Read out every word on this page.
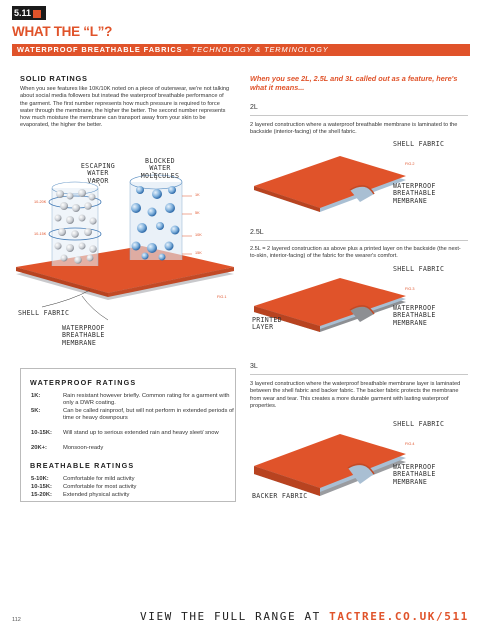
5.11
WHAT THE “L”?
WATERPROOF BREATHABLE FABRICS - TECHNOLOGY & TERMINOLOGY
SOLID RATINGS
When you see features like 10K/10K noted on a piece of outerwear, we're not talking about social media followers but instead the waterproof breathable performance of the garment. The first number represents how much pressure is required to force water through the membrane, the higher the better. The second number represents how much moisture the membrane can transport away from your skin to be evaporated, the higher the better.
ESCAPING
WATER
VAPOR
BLOCKED
WATER
MOLECULES
10-20K
10-15K
1K
5K
10K
15K
FIG.1
SHELL FABRIC
WATERPROOF
BREATHABLE
MEMBRANE
When you see 2L, 2.5L and 3L called out as a feature, here's what it means...
2L
2 layered construction where a waterproof breathable membrane is laminated to the backside (interior-facing) of the shell fabric.
SHELL FABRIC
FIG.2
WATERPROOF
BREATHABLE
MEMBRANE
2.5L
2.5L = 2 layered construction as above plus a printed layer on the backside (the next-to-skin, interior-facing) of the fabric for the wearer's comfort.
SHELL FABRIC
FIG.3
WATERPROOF
BREATHABLE
MEMBRANE
PRINTED
LAYER
3L
3 layered construction where the waterproof breathable membrane layer is laminated between the shell fabric and backer fabric. The backer fabric protects the membrane from wear and tear. This creates a more durable garment with lasting waterproof properties.
SHELL FABRIC
FIG.4
WATERPROOF
BREATHABLE
MEMBRANE
BACKER FABRIC
WATERPROOF RATINGS
1K:	Rain resistant however briefly. Common rating for a garment with only a DWR coating.
5K:	Can be called rainproof, but will not perform in extended periods of time or heavy downpours
10-15K: Will stand up to serious extended rain and heavy sleet/ snow
20K+:	Monsoon-ready
BREATHABLE RATINGS
5-10K: Comfortable for mild activity
10-15K: Comfortable for most activity
15-20K: Extended physical activity
112	VIEW THE FULL RANGE AT TACTREE.CO.UK/511
